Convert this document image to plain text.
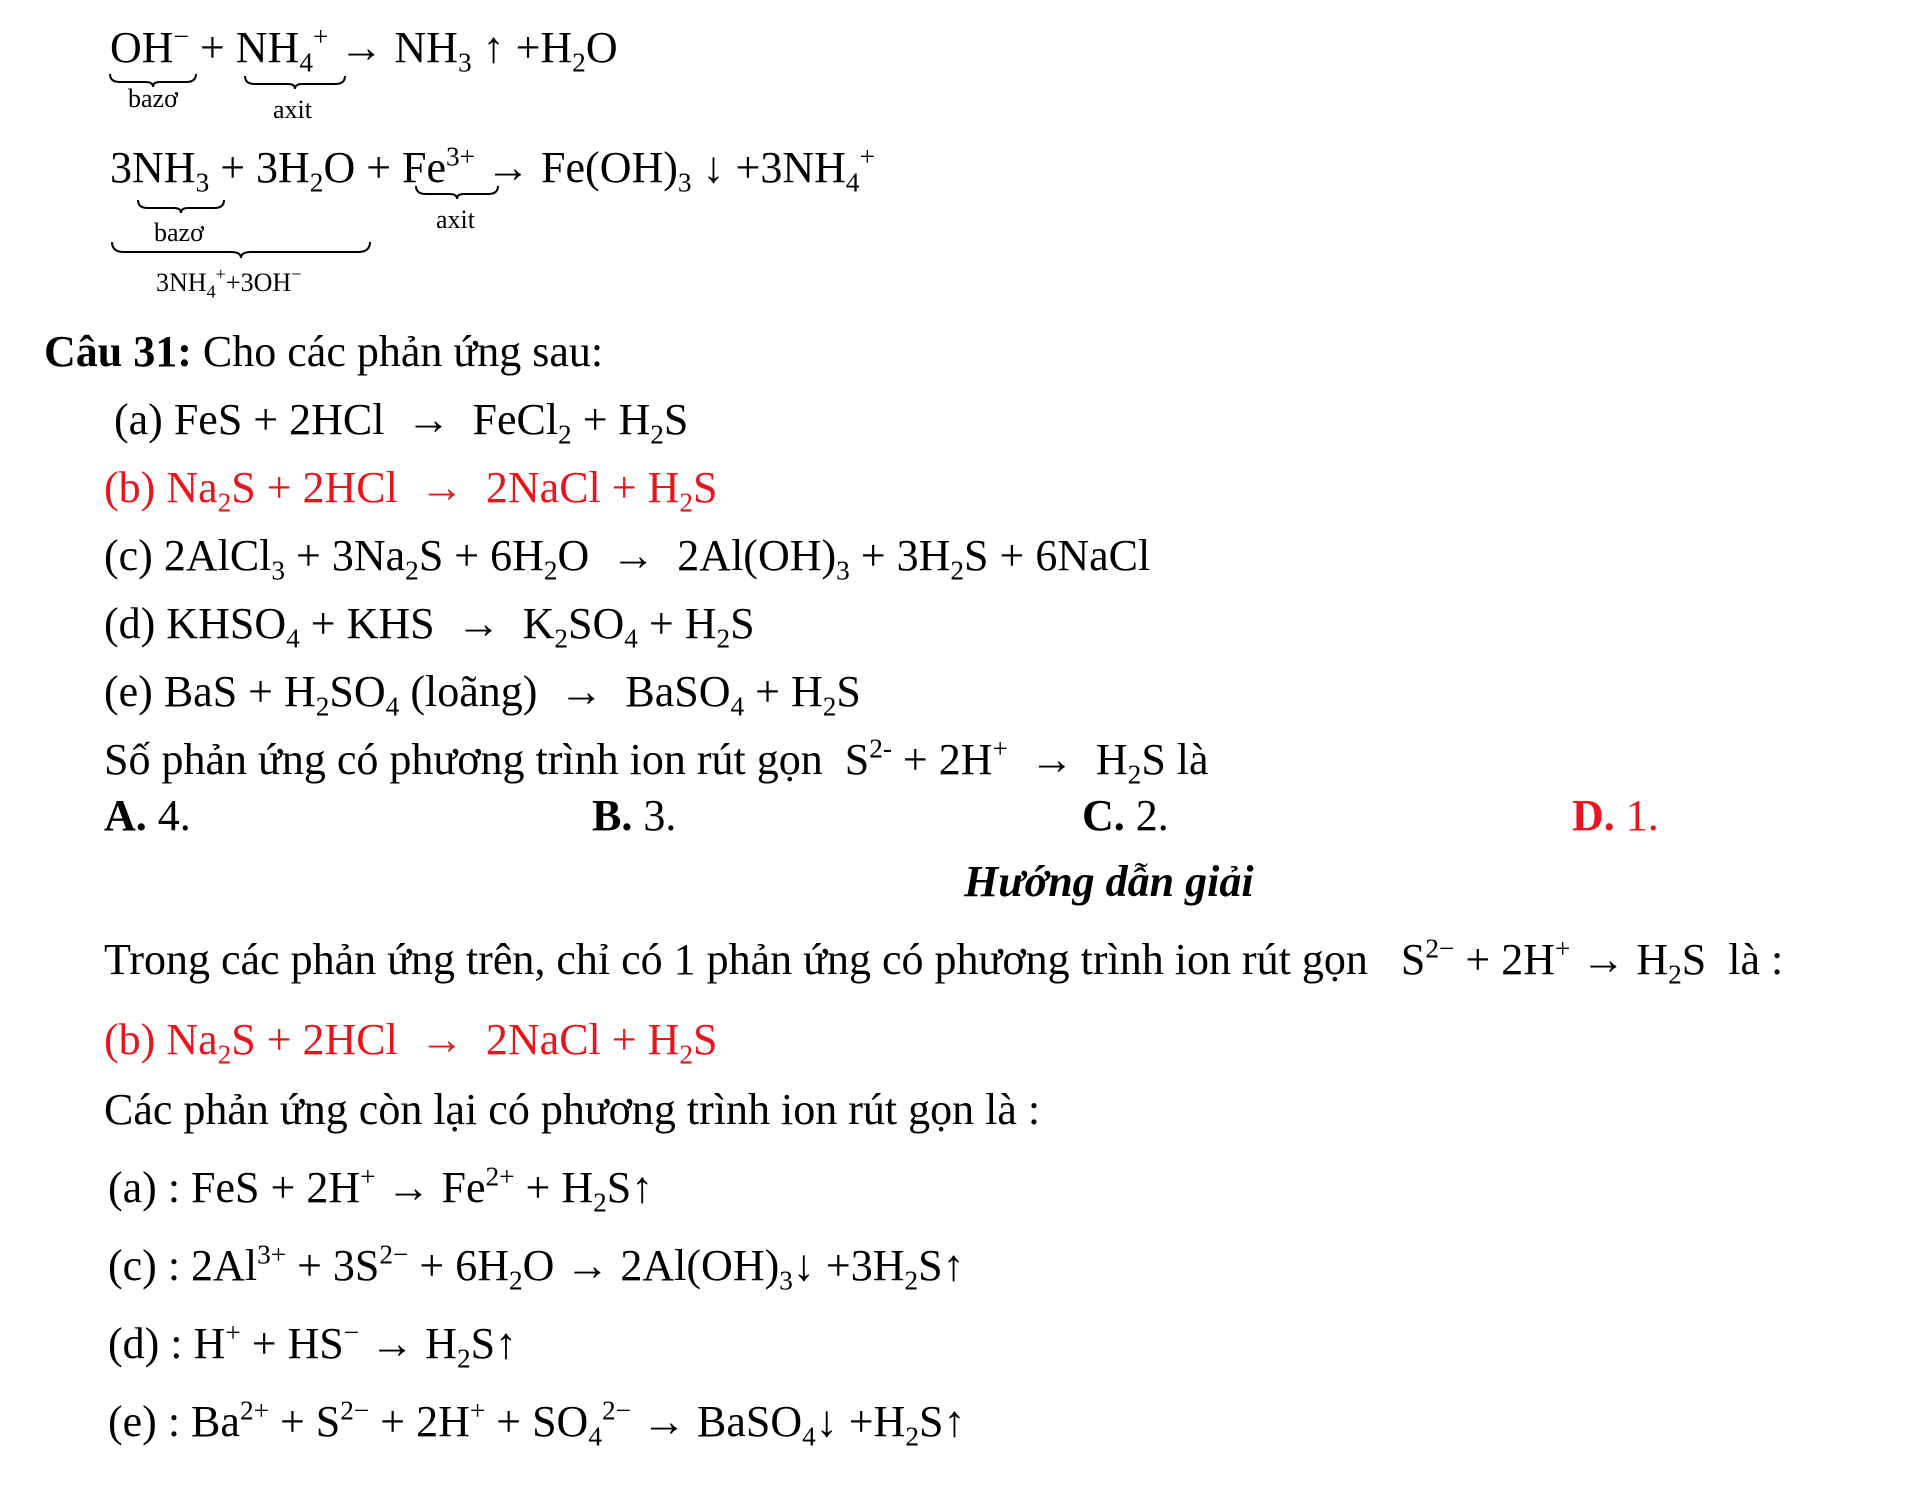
$OH^- + NH_4^+ \to NH_3$ ↑ $+H_2O$
bazơ	axit
$3NH_3 + 3H_2O + Fe^{3+} \to Fe(OH)_3$ ↓ $+3NH_4^+$
bazơ	axit
$3NH_4^++3OH^-$
Câu 31: Cho các phản ứng sau:
(a) FeS + 2HCl  →  FeCl$_2$ + $H_2S$
(b) $Na_2S + 2HCl$  →  2NaCl + $H_2S$
(c) 2AlCl$_3$ + $3Na_2S + 6H_2O \to 2Al(OH)_3 + 3H_2S$ + 6NaCl
(d) $KHSO_4$ + KHS  →  $K_2SO_4 + H_2S$
(e) BaS + $H_2SO_4$ (loãng)  →  BaSO$_4$ + $H_2S$
Số phản ứng có phương trình ion rút gọn  $S^{2-} + 2H^+ \to H_2S$ là
A. 4.	B. 3.	C. 2.	D. 1.
Hướng dẫn giải
Trong các phản ứng trên, chỉ có 1 phản ứng có phương trình ion rút gọn   $S^{2-} + 2H^+ \to H_2S$  là :
(b) $Na_2S + 2HCl$  →  2NaCl + $H_2S$
Các phản ứng còn lại có phương trình ion rút gọn là :
(a) : FeS + $2H^+ \to Fe^{2+}$ + $H_2S↑$
(c) : $2Al^{3+} + 3S^{2-} + 6H_2O$ → $2Al(OH)_3↓$ $+3H_2S↑$
(d) : $H^+ + HS^- \to H_2S↑$
(e) : $Ba^{2+} + S^{2-} + 2H^+ + SO_4^{2-}$ → BaSO$_4$↓ $+H_2S↑$
